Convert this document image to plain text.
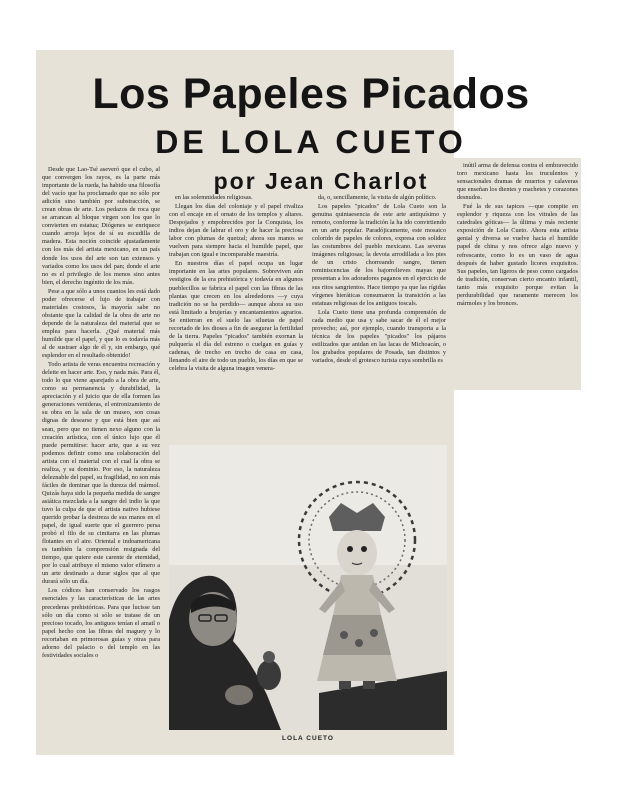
Los Papeles Picados
DE LOLA CUETO
por Jean Charlot

Desde que Lao-Tsé aseveró que el cubo, al que convergen los rayos, es la parte más importante de la rueda, ha habido una filosofía del vacío que ha proclamado que no sólo por adición sino también por substracción, se crean obras de arte. Los pedazos de roca que se arrancan al bloque virgen son los que lo convierten en estatua; Diógenes se enriquece cuando arroja lejos de sí su escudilla de madera. Esta noción coincide ajustadamente con los más del artista mexicano, en un país donde los usos del arte son tan extensos y variados como los usos del pan; donde el arte no es el privilegio de los menos sino antes bien, el derecho ingénito de los más.

Pese a que sólo a unos cuantos les está dado poder ofrecerse el lujo de trabajar con materiales costosos, la mayoría sabe no obstante que la calidad de la obra de arte no depende de la naturaleza del material que se emplea para hacerla. ¿Qué material más humilde que el papel, y que lo es todavía más al de sustraer algo de él y, sin embargo, qué esplendor en el resultado obtenido!

Todo artista de veras encuentra recreación y deleite en hacer arte. Eso, y nada más. Para él, todo lo que viene aparejado a la obra de arte, como su permanencia y durabilidad, la apreciación y el juicio que de ella formen las generaciones venideras, el entronizamiento de su obra en la sala de un museo, son cosas dignas de desearse y que está bien que así sean, pero que no tienen nexo alguno con la creación artística, con el único lujo que él puede permitirse: hacer arte, que a su vez podemos definir como una colaboración del artista con el material con el cual la obra se realiza, y su dominio. Por eso, la naturaleza deleznable del papel, su fragilidad, no son más fáciles de dominar que la dureza del mármol. Quizás haya sido la pequeña medida de sangre asiática mezclada a la sangre del indio la que tuvo la culpa de que el artista nativo hubiese querido probar la destreza de sus manos en el papel, de igual suerte que el guerrero persa probó el filo de su cimitarra en las plumas flotantes en el aire. Oriental e indoamericana es también la comprensión resignada del tiempo, que quiere este carente de eternidad, por lo cual atribuye el mismo valor efímero a un arte destinado a durar siglos que al que durará sólo un día.

Los códices han conservado los rasgos esenciales y las características de las artes precederas prehistóricas. Para que lucisse tan sólo un día como si sólo se tratase de un precioso tocado, los antiguos tenían el amatl o papel hecho con las fibras del maguey y lo recortaban en primorosas guías y otras para adorno del palacio o del templo en las festividades sociales o

en las solemnidades religiosas.

Llegan los días del coloniaje y el papel rivaliza con el encaje en el ornato de los templos y altares. Despojados y empobrecidos por la Conquista, los indios dejan de labrar el oro y de hacer la preciosa labor con plumas de quetzal; ahora sus manos se vuelven para siempre hacia el humilde papel, que trabajan con igual e incomparable maestría.

En nuestros días el papel ocupa un lugar importante en las artes populares. Sobreviven aún vestigios de la era prehistórica y todavía en algunos pueblecillos se fabrica el papel con las fibras de las plantas que crecen en los alrededores —y cuya tradición no se ha perdido— aunque ahora su uso está limitado a brujerías y encantamientos agrarios. Se entierran en el suelo las siluetas de papel recortado de los dioses a fin de asegurar la fertilidad de la tierra. Papeles "picados" también exornan la pulquería el día del estreno o cuelgan en guías y cadenas, de trecho en trecho de casa en casa, llenando el aire de todo un pueblo, los días en que se celebra la visita de alguna imagen venera-

da, o, sencillamente, la visita de algún político.

Los papeles "picados" de Lola Cueto son la genuina quintaesencia de este arte antiquísimo y remoto, conforme la tradición la ha ido convirtiendo en un arte popular. Paradójicamente, este mosaico colorido de papeles de colores, expresa con solidez las costumbres del pueblo mexicano. Las severas imágenes religiosas; la devota arrodillada a los pies de un cristo chorreando sangre, tienen reminiscencias de los bajorrelieves mayas que presentan a los adoradores paganos en el ejercicio de sus ritos sangrientos. Hace tiempo ya que las rígidas vírgenes hieráticas consumaron la transición a las estatuas religiosas de los antiguos toscals.

Lola Cueto tiene una profunda comprensión de cada medio que usa y sabe sacar de él el mejor provecho; así, por ejemplo, cuando transporta a la técnica de los papeles "picados" los pájaros estilizados que anidan en las lacas de Michoacán, o los grabados populares de Posada, tan distintos y variados, desde el grotesco turista cuya sombrilla es

inútil arma de defensa contra el embravecido toro mexicano hasta los truculentos y sensacionales dramas de muertos y calaveras que enseñan los dientes y machetes y corazones desnudos.

Fué la de sus tapices —que compite en esplendor y riqueza con los vitrales de las catedrales góticas— la última y más reciente exposición de Lola Cueto. Ahora esta artista genial y diversa se vuelve hacia el humilde papel de china y nos ofrece algo nuevo y refrescante, como lo es un vaso de agua después de haber gustado licores exquisitos. Sus papeles, tan ligeros de peso como cargados de tradición, conservan cierto encanto infantil, tanto más exquisito porque evitan la perdurabilidad que raramente merecen los mármoles y los bronces.

LOLA CUETO
